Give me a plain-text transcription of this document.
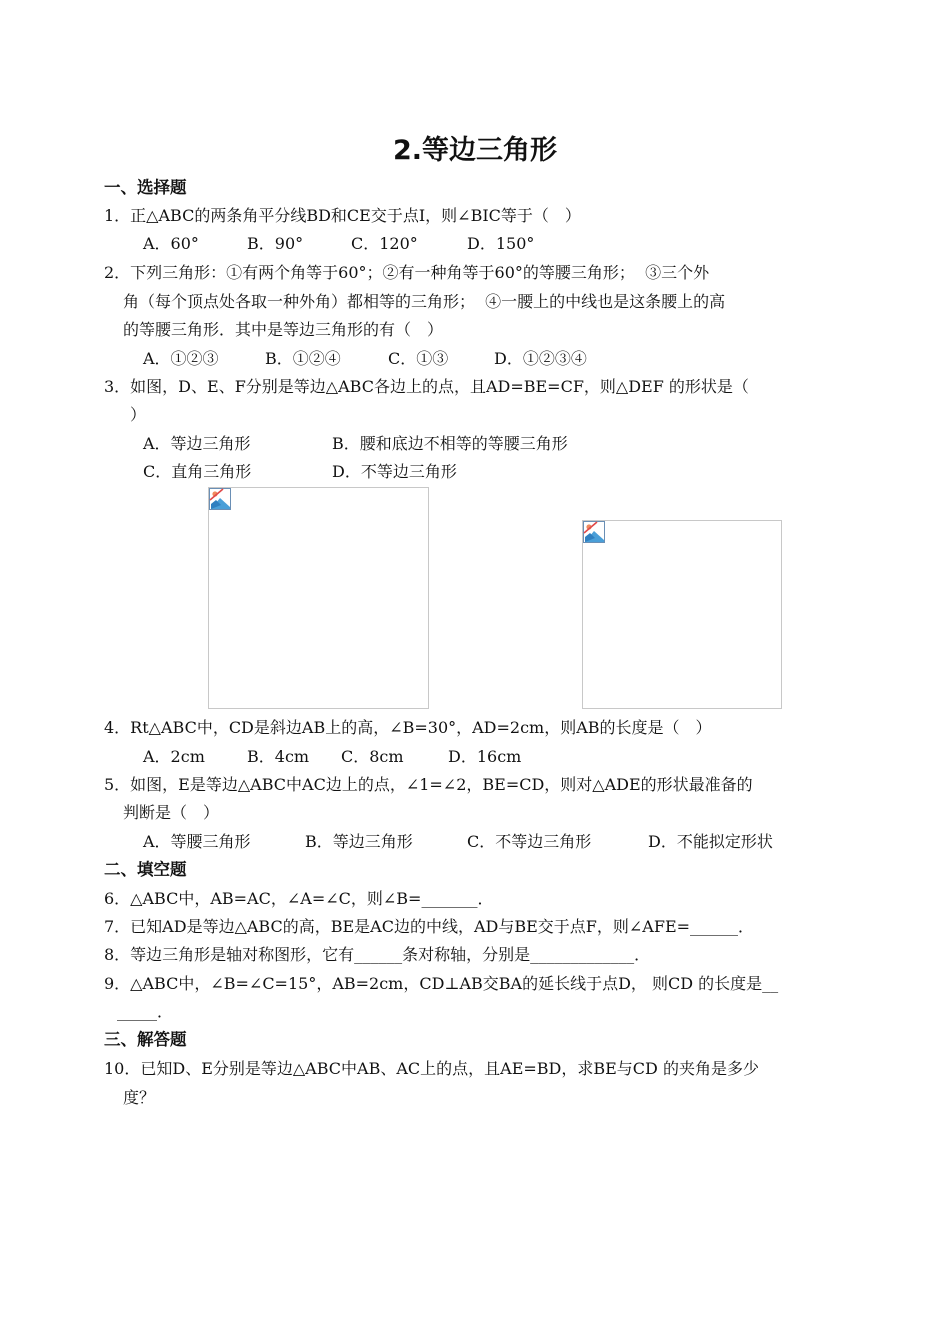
2.等边三角形
一、选择题
1．正△ABC的两条角平分线BD和CE交于点I，则∠BIC等于（　）
A．60°	B．90°	C．120°	D．150°
2．下列三角形：①有两个角等于60°；②有一种角等于60°的等腰三角形；  ③三个外
角（每个顶点处各取一种外角）都相等的三角形；  ④一腰上的中线也是这条腰上的高
的等腰三角形．其中是等边三角形的有（　）
A．①②③	B．①②④	C．①③	D．①②③④
3．如图，D、E、F分别是等边△ABC各边上的点，且AD=BE=CF，则△DEF 的形状是（
）
A．等边三角形	B．腰和底边不相等的等腰三角形
C．直角三角形	D．不等边三角形
4．Rt△ABC中，CD是斜边AB上的高，∠B=30°，AD=2cm，则AB的长度是（　）
A．2cm	B．4cm C．8cm	D．16cm
5．如图，E是等边△ABC中AC边上的点，∠1=∠2，BE=CD，则对△ADE的形状最准备的
判断是（　）
A．等腰三角形	B．等边三角形	C．不等边三角形	D．不能拟定形状
二、填空题
6．△ABC中，AB=AC，∠A=∠C，则∠B=_______．
7．已知AD是等边△ABC的高，BE是AC边的中线，AD与BE交于点F，则∠AFE=______．
8．等边三角形是轴对称图形，它有______条对称轴，分别是_____________．
9．△ABC中，∠B=∠C=15°，AB=2cm，CD⊥AB交BA的延长线于点D， 则CD 的长度是__
_____．
三、解答题
10．已知D、E分别是等边△ABC中AB、AC上的点，且AE=BD，求BE与CD 的夹角是多少
度？
